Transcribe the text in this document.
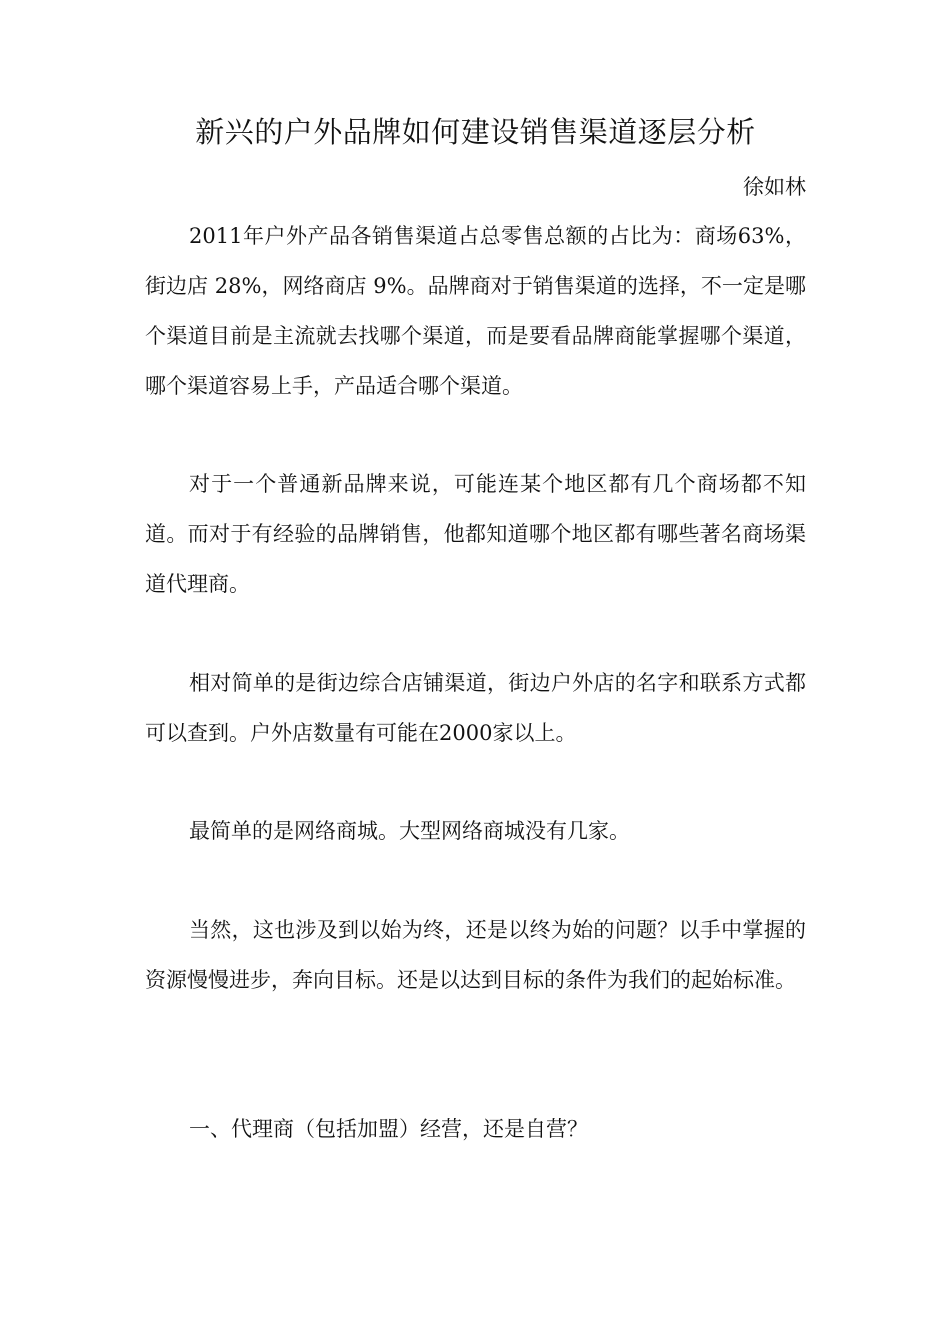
新兴的户外品牌如何建设销售渠道逐层分析
徐如林

2011年户外产品各销售渠道占总零售总额的占比为：商场63%，街边店 28%，网络商店 9%。品牌商对于销售渠道的选择，不一定是哪个渠道目前是主流就去找哪个渠道，而是要看品牌商能掌握哪个渠道，哪个渠道容易上手，产品适合哪个渠道。

对于一个普通新品牌来说，可能连某个地区都有几个商场都不知道。而对于有经验的品牌销售，他都知道哪个地区都有哪些著名商场渠道代理商。

相对简单的是街边综合店铺渠道，街边户外店的名字和联系方式都可以查到。户外店数量有可能在2000家以上。

最简单的是网络商城。大型网络商城没有几家。

当然，这也涉及到以始为终，还是以终为始的问题？以手中掌握的资源慢慢进步，奔向目标。还是以达到目标的条件为我们的起始标准。

一、代理商（包括加盟）经营，还是自营？
